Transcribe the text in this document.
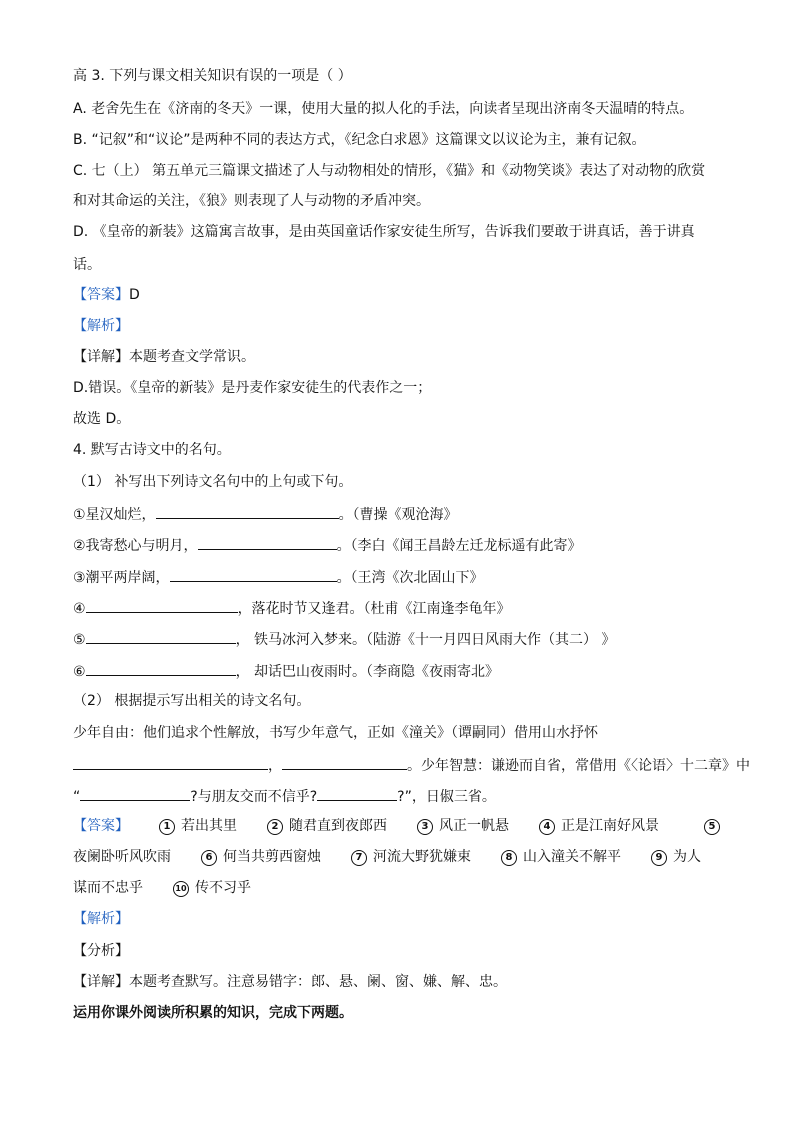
高 3. 下列与课文相关知识有误的一项是（ ）
A. 老舍先生在《济南的冬天》一课，使用大量的拟人化的手法，向读者呈现出济南冬天温晴的特点。
B. “记叙”和“议论”是两种不同的表达方式，《纪念白求恩》这篇课文以议论为主，兼有记叙。
C. 七（上） 第五单元三篇课文描述了人与动物相处的情形，《猫》和《动物笑谈》表达了对动物的欣赏
和对其命运的关注，《狼》则表现了人与动物的矛盾冲突。
D. 《皇帝的新装》这篇寓言故事，是由英国童话作家安徒生所写，告诉我们要敢于讲真话，善于讲真
话。
【答案】D
【解析】
【详解】本题考查文学常识。
D.错误。《皇帝的新装》是丹麦作家安徒生的代表作之一；
故选 D。
4. 默写古诗文中的名句。
（1） 补写出下列诗文名句中的上句或下句。
①星汉灿烂，	。（曹操《观沧海》
②我寄愁心与明月，	。（李白《闻王昌龄左迁龙标遥有此寄》
③潮平两岸阔，	。（王湾《次北固山下》
④	，落花时节又逢君。（杜甫《江南逢李龟年》
⑤	， 铁马冰河入梦来。（陆游《十一月四日风雨大作（其二） 》
⑥	， 却话巴山夜雨时。（李商隐《夜雨寄北》
（2） 根据提示写出相关的诗文名句。
少年自由：他们追求个性解放，书写少年意气，正如《潼关》（谭嗣同）借用山水抒怀
，	。少年智慧：谦逊而自省，常借用《〈论语〉十二章》中
“	?与朋友交而不信乎?	?”，日俶三省。
【答案】	1 若出其里	2 随君直到夜郎西	3 风正一帆悬	4 正是江南好风景	5
夜阑卧听风吹雨	6 何当共剪西窗烛	7 河流大野犹嫌束	8 山入潼关不解平	9 为人
谋而不忠乎	10 传不习乎
【解析】
【分析】
【详解】本题考查默写。注意易错字：郎、悬、阑、窗、嫌、解、忠。
运用你课外阅读所积累的知识，完成下两题。
